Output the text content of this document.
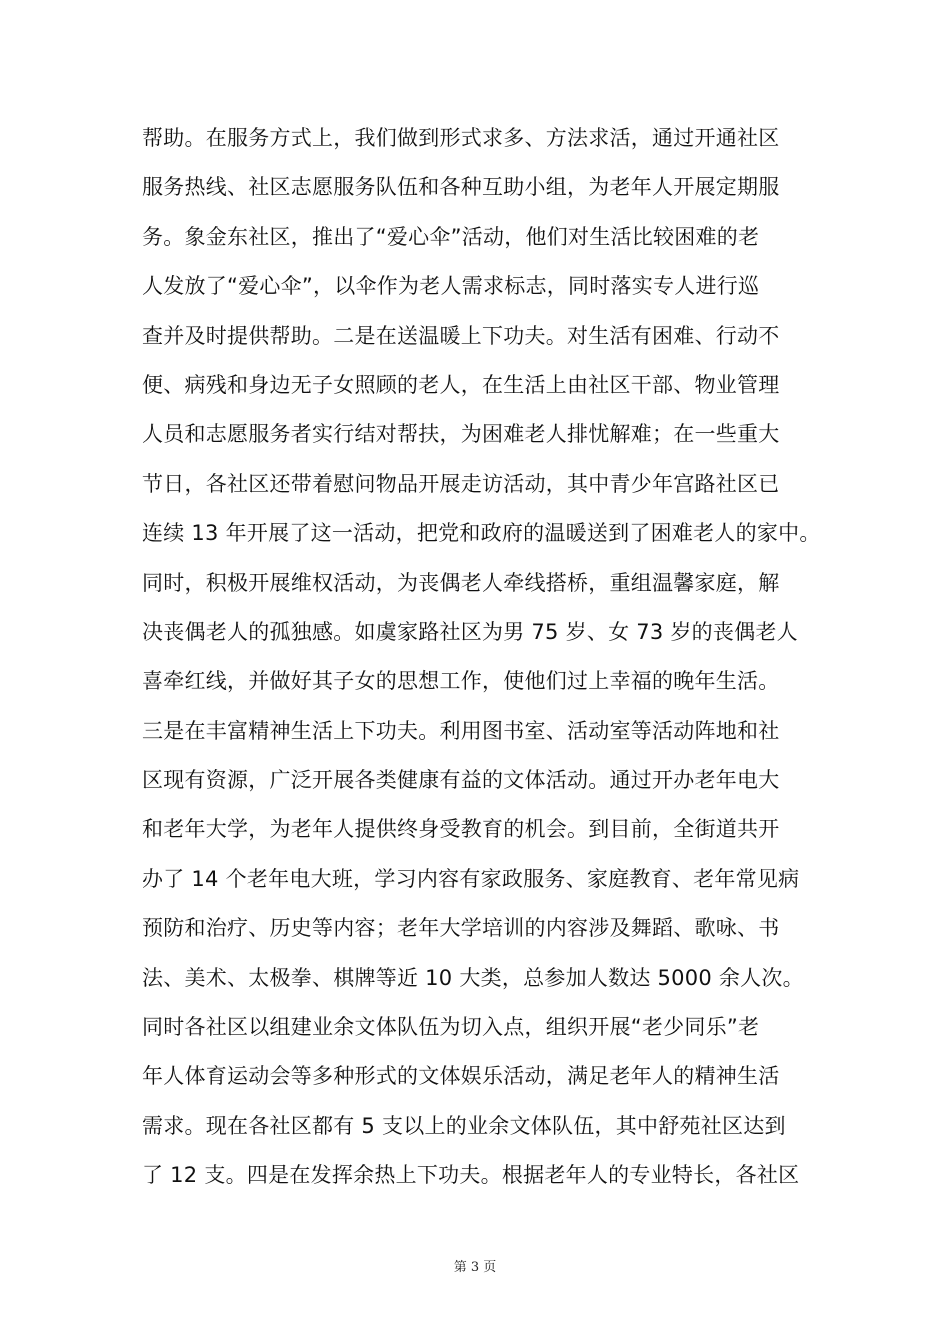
帮助。在服务方式上，我们做到形式求多、方法求活，通过开通社区
服务热线、社区志愿服务队伍和各种互助小组，为老年人开展定期服
务。象金东社区，推出了“爱心伞”活动，他们对生活比较困难的老
人发放了“爱心伞”，以伞作为老人需求标志，同时落实专人进行巡
查并及时提供帮助。二是在送温暖上下功夫。对生活有困难、行动不
便、病残和身边无子女照顾的老人，在生活上由社区干部、物业管理
人员和志愿服务者实行结对帮扶，为困难老人排忧解难；在一些重大
节日，各社区还带着慰问物品开展走访活动，其中青少年宫路社区已
连续 13 年开展了这一活动，把党和政府的温暖送到了困难老人的家中。
同时，积极开展维权活动，为丧偶老人牵线搭桥，重组温馨家庭，解
决丧偶老人的孤独感。如虞家路社区为男 75 岁、女 73 岁的丧偶老人
喜牵红线，并做好其子女的思想工作，使他们过上幸福的晚年生活。
三是在丰富精神生活上下功夫。利用图书室、活动室等活动阵地和社
区现有资源，广泛开展各类健康有益的文体活动。通过开办老年电大
和老年大学，为老年人提供终身受教育的机会。到目前，全街道共开
办了 14 个老年电大班，学习内容有家政服务、家庭教育、老年常见病
预防和治疗、历史等内容；老年大学培训的内容涉及舞蹈、歌咏、书
法、美术、太极拳、棋牌等近 10 大类，总参加人数达 5000 余人次。
同时各社区以组建业余文体队伍为切入点，组织开展“老少同乐”老
年人体育运动会等多种形式的文体娱乐活动，满足老年人的精神生活
需求。现在各社区都有 5 支以上的业余文体队伍，其中舒苑社区达到
了 12 支。四是在发挥余热上下功夫。根据老年人的专业特长，各社区
第 3 页
